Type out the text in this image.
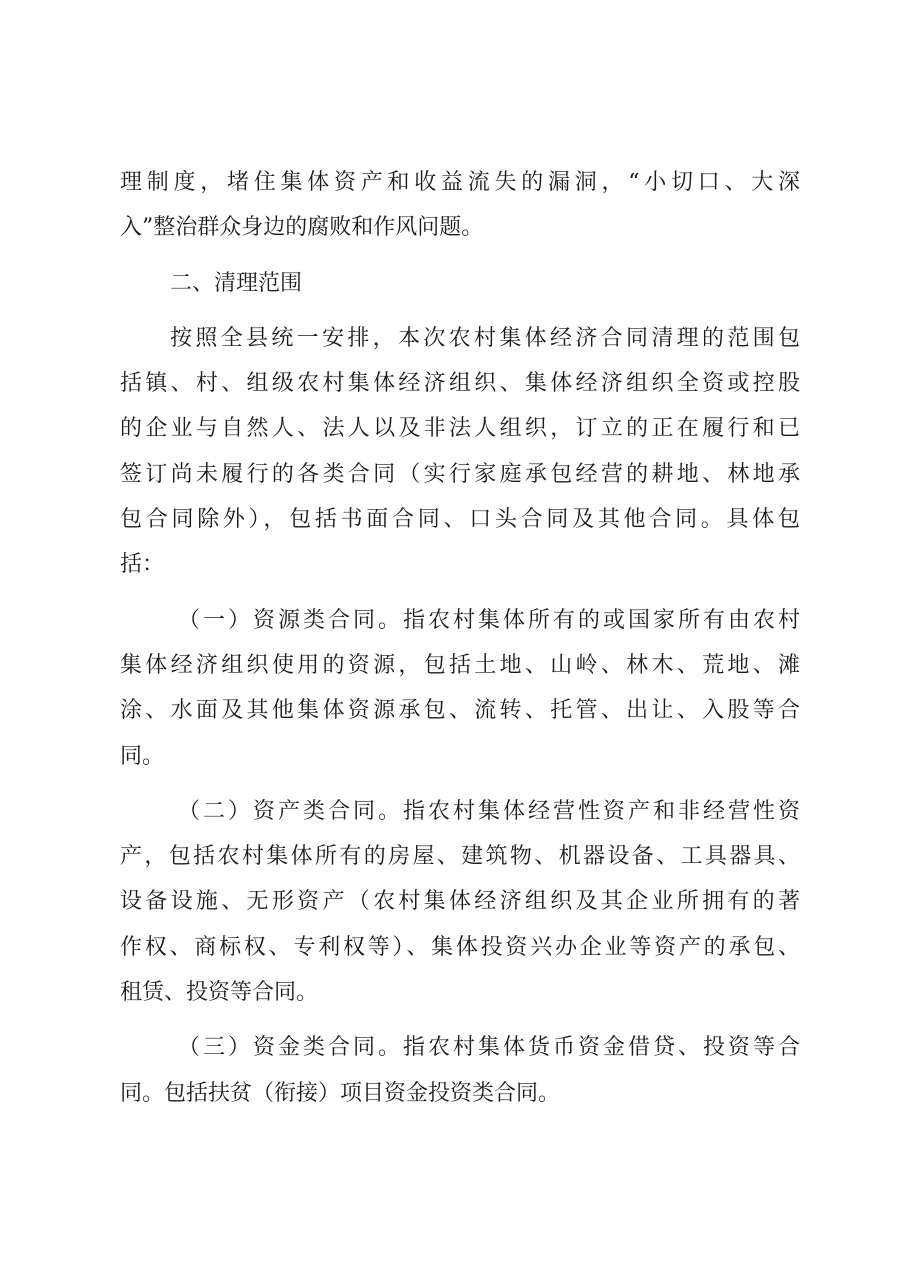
理制度，堵住集体资产和收益流失的漏洞，“小切口、大深
入”整治群众身边的腐败和作风问题。
二、清理范围
按照全县统一安排，本次农村集体经济合同清理的范围包
括镇、村、组级农村集体经济组织、集体经济组织全资或控股
的企业与自然人、法人以及非法人组织，订立的正在履行和已
签订尚未履行的各类合同（实行家庭承包经营的耕地、林地承
包合同除外），包括书面合同、口头合同及其他合同。具体包
括：
（一）资源类合同。指农村集体所有的或国家所有由农村
集体经济组织使用的资源，包括土地、山岭、林木、荒地、滩
涂、水面及其他集体资源承包、流转、托管、出让、入股等合
同。
（二）资产类合同。指农村集体经营性资产和非经营性资
产，包括农村集体所有的房屋、建筑物、机器设备、工具器具、
设备设施、无形资产（农村集体经济组织及其企业所拥有的著
作权、商标权、专利权等）、集体投资兴办企业等资产的承包、
租赁、投资等合同。
（三）资金类合同。指农村集体货币资金借贷、投资等合
同。包括扶贫（衔接）项目资金投资类合同。
